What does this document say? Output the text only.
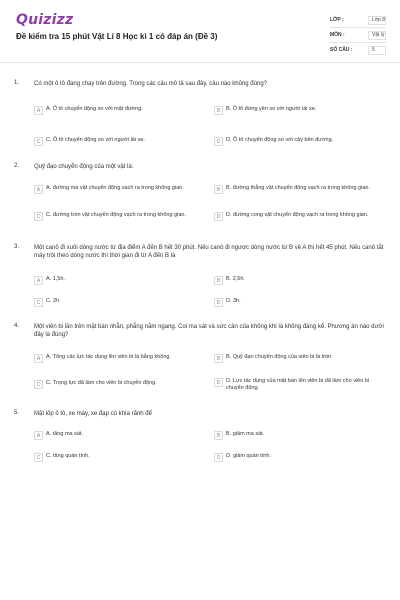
Quizizz
Đề kiểm tra 15 phút Vật Lí 8 Học kì 1 có đáp án (Đề 3)
LỚP :	Lớp 8
MÔN :	Vật lý
SỐ CÂU :	5
1. Có một ô tô đang chạy trên đường. Trong các câu mô tả sau đây, câu nào không đúng?
A	A. Ô tô chuyển động so với mặt đường.	B	B. Ô tô đứng yên so với người lái xe.
C	C. Ô tô chuyển động so với người lái xe.	D	D. Ô tô chuyển động so với cây bên đường.
2. Quỹ đạo chuyển động của một vật là:
A	A. đường mà vật chuyển động vạch ra trong không gian.	B	B. đường thẳng vật chuyển động vạch ra trong không gian.
C	C. đường tròn vật chuyển động vạch ra trong không gian.	D	D. đường cong vật chuyển động vạch ra trong không gian.
3. Một canô đi xuôi dòng nước từ địa điểm A đến B hết 30 phút. Nếu canô đi ngược dòng nước từ B về A thì hết 45 phút. Nếu canô tắt máy trôi theo dòng nước thì thời gian đi từ A đến B là
A	A. 1,5h.	B	B. 2,5h.
C	C. 2h.	D	D. 3h.
4. Một viên bi lăn trên mặt bàn nhẵn, phẳng nằm ngang. Coi ma sát và sức cản của không khí là không đáng kể. Phương án nào dưới đây là đúng?
A	A. Tổng các lực tác dụng lên viên bi là bằng không.	B	B. Quỹ đạo chuyển động của viên bi là tròn
C	C. Trọng lực đã làm cho viên bi chuyển động.	D	D. Lực tác dụng của mặt bàn lên viên bi đã làm cho viên bi chuyển động.
5. Mặt lốp ô tô, xe máy, xe đạp có khía rãnh để
A	A. tăng ma sát.	B	B. giảm ma sát.
C	C. tăng quán tính.	D	D. giảm quán tính.
